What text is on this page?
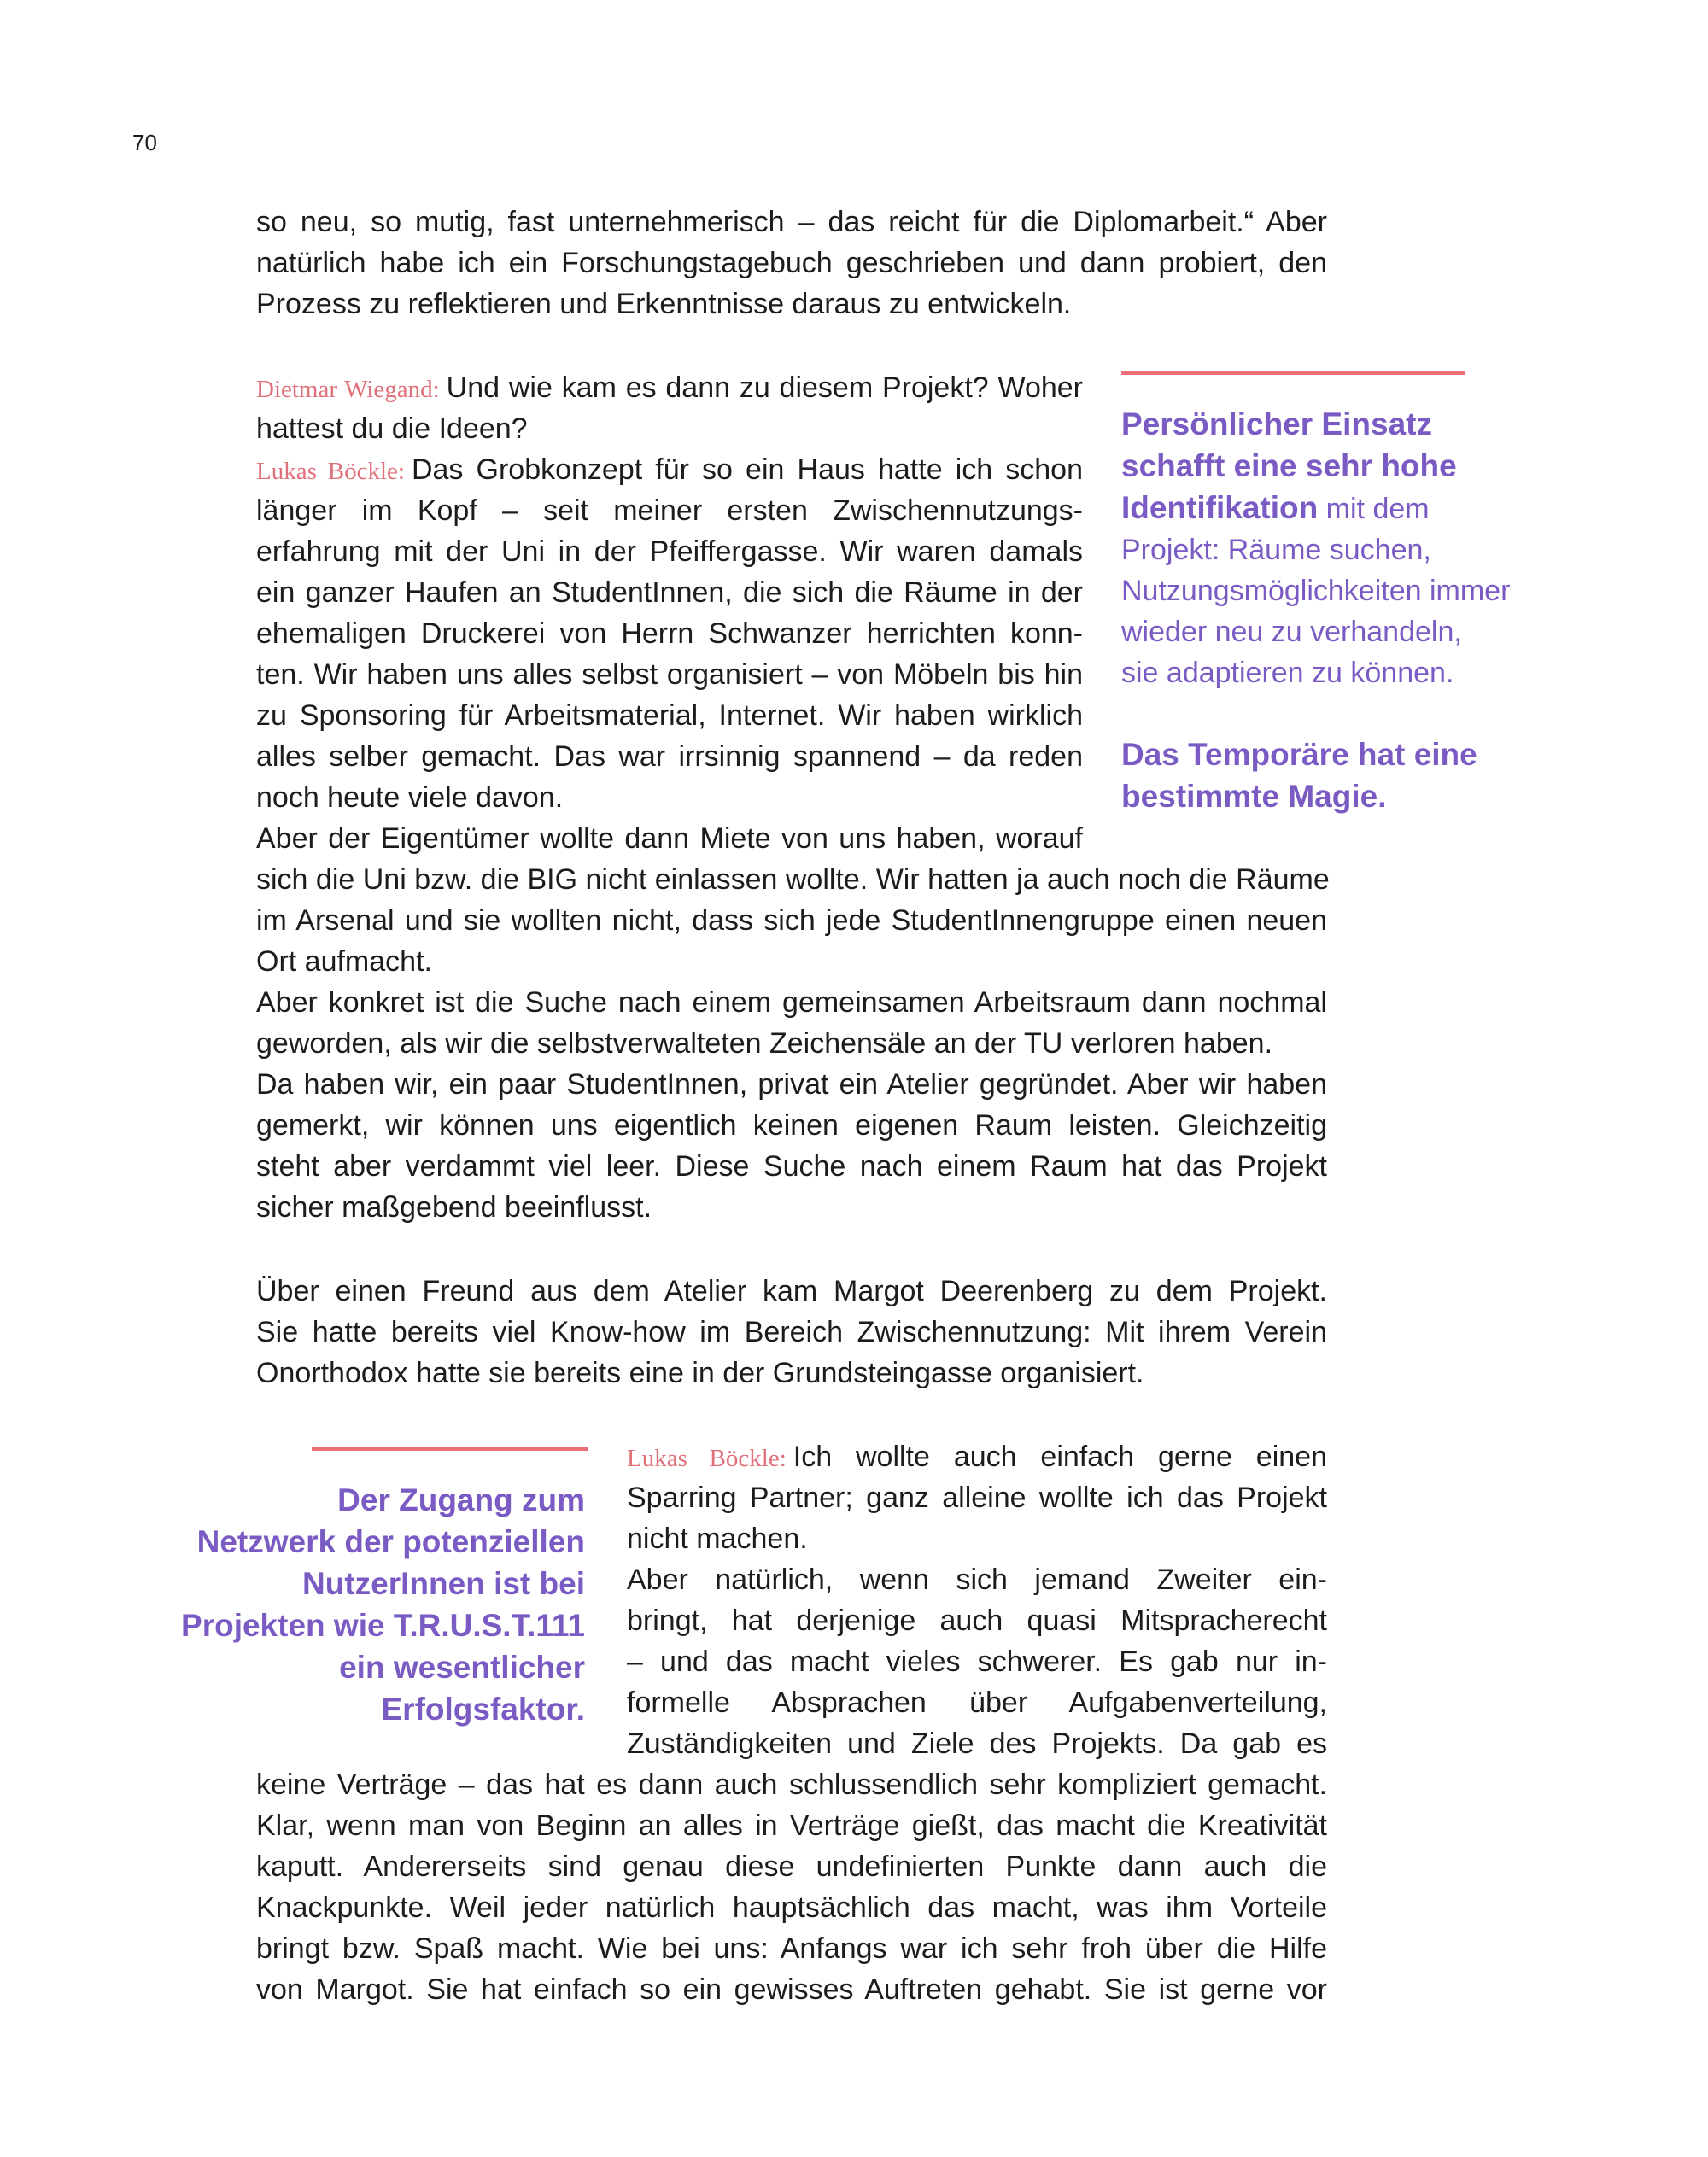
70

so neu, so mutig, fast unternehmerisch – das reicht für die Diplomarbeit.“ Aber

natürlich habe ich ein Forschungstagebuch geschrieben und dann probiert, den

Prozess zu reflektieren und Erkenntnisse daraus zu entwickeln.

Dietmar Wiegand: Und wie kam es dann zu diesem Projekt? Woher

hattest du die Ideen?

Lukas Böckle: Das Grobkonzept für so ein Haus hatte ich schon

länger im Kopf – seit meiner ersten Zwischennutzungs-

erfahrung mit der Uni in der Pfeiffergasse. Wir waren damals

ein ganzer Haufen an StudentInnen, die sich die Räume in der

ehemaligen Druckerei von Herrn Schwanzer herrichten konn-

ten. Wir haben uns alles selbst organisiert – von Möbeln bis hin

zu Sponsoring für Arbeitsmaterial, Internet. Wir haben wirklich

alles selber gemacht. Das war irrsinnig spannend – da reden

noch heute viele davon.

Aber der Eigentümer wollte dann Miete von uns haben, worauf

sich die Uni bzw. die BIG nicht einlassen wollte. Wir hatten ja auch noch die Räume

im Arsenal und sie wollten nicht, dass sich jede StudentInnengruppe einen neuen

Ort aufmacht.

Aber konkret ist die Suche nach einem gemeinsamen Arbeitsraum dann nochmal

geworden, als wir die selbstverwalteten Zeichensäle an der TU verloren haben.

Da haben wir, ein paar StudentInnen, privat ein Atelier gegründet. Aber wir haben

gemerkt, wir können uns eigentlich keinen eigenen Raum leisten. Gleichzeitig

steht aber verdammt viel leer. Diese Suche nach einem Raum hat das Projekt

sicher maßgebend beeinflusst.

Über einen Freund aus dem Atelier kam Margot Deerenberg zu dem Projekt.

Sie hatte bereits viel Know-how im Bereich Zwischennutzung: Mit ihrem Verein

Onorthodox hatte sie bereits eine in der Grundsteingasse organisiert.

Lukas Böckle: Ich wollte auch einfach gerne einen

Sparring Partner; ganz alleine wollte ich das Projekt

nicht machen.

Aber natürlich, wenn sich jemand Zweiter ein-

bringt, hat derjenige auch quasi Mitspracherecht

– und das macht vieles schwerer. Es gab nur in-

formelle Absprachen über Aufgabenverteilung,

Zuständigkeiten und Ziele des Projekts. Da gab es

keine Verträge – das hat es dann auch schlussendlich sehr kompliziert gemacht.

Klar, wenn man von Beginn an alles in Verträge gießt, das macht die Kreativität

kaputt. Andererseits sind genau diese undefinierten Punkte dann auch die

Knackpunkte. Weil jeder natürlich hauptsächlich das macht, was ihm Vorteile

bringt bzw. Spaß macht. Wie bei uns: Anfangs war ich sehr froh über die Hilfe

von Margot. Sie hat einfach so ein gewisses Auftreten gehabt. Sie ist gerne vor

Persönlicher Einsatz
schafft eine sehr hohe
Identifikation mit dem
Projekt: Räume suchen,
Nutzungsmöglichkeiten immer
wieder neu zu verhandeln,
sie adaptieren zu können.
Das Temporäre hat eine
bestimmte Magie.
Der Zugang zum
Netzwerk der potenziellen
NutzerInnen ist bei
Projekten wie T.R.U.S.T.111
ein wesentlicher
Erfolgsfaktor.
